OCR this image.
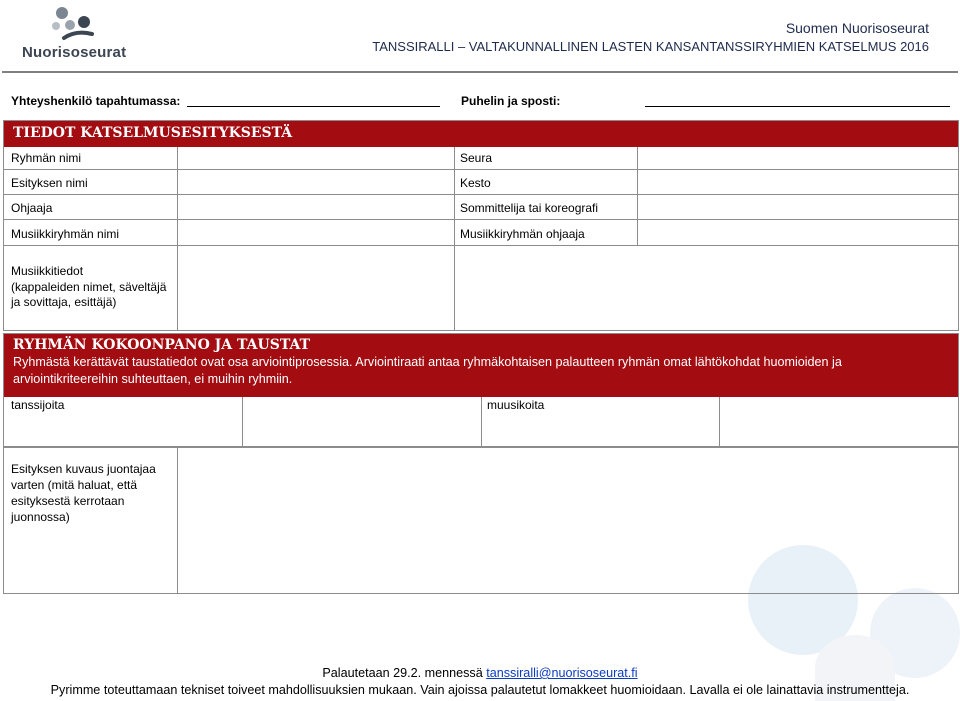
Nuorisoseurat
Suomen Nuorisoseurat
TANSSIRALLI – VALTAKUNNALLINEN LASTEN KANSANTANSSIRYHMIEN KATSELMUS 2016
Yhteyshenkilö tapahtumassa:	Puhelin ja sposti:
TIEDOT KATSELMUSESITYKSESTÄ
Ryhmän nimi
Esityksen nimi
Ohjaaja
Musiikkiryhmän nimi
Seura
Kesto
Sommittelija tai koreografi
Musiikkiryhmän ohjaaja
Musiikkitiedot
(kappaleiden nimet, säveltäjä
ja sovittaja, esittäjä)
RYHMÄN KOKOONPANO JA TAUSTAT
Ryhmästä kerättävät taustatiedot ovat osa arviointiprosessia. Arviointiraati antaa ryhmäkohtaisen palautteen ryhmän omat lähtökohdat huomioiden ja
arviointikriteereihin suhteuttaen, ei muihin ryhmiin.
tanssijoita	muusikoita
Esityksen kuvaus juontajaa
varten (mitä haluat, että
esityksestä kerrotaan
juonnossa)
Palautetaan 29.2. mennessä tanssiralli@nuorisoseurat.fi
Pyrimme toteuttamaan tekniset toiveet mahdollisuuksien mukaan. Vain ajoissa palautetut lomakkeet huomioidaan. Lavalla ei ole lainattavia instrumentteja.
